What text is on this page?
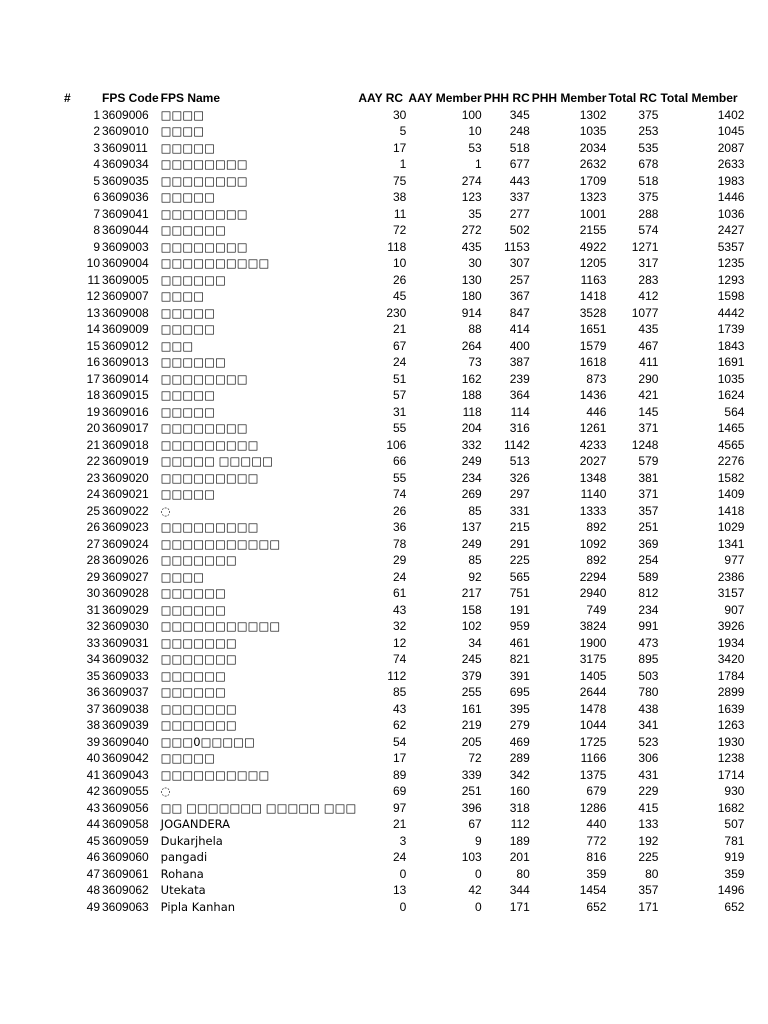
#	FPS Code	FPS Name	AAY RC	AAY Member	PHH RC	PHH Member	Total RC	Total Member
1	3609006	□□□□	30	100	345	1302	375	1402
2	3609010	□□□□	5	10	248	1035	253	1045
3	3609011	□□□□□	17	53	518	2034	535	2087
4	3609034	□□□□□□□□	1	1	677	2632	678	2633
5	3609035	□□□□□□□□	75	274	443	1709	518	1983
6	3609036	□□□□□	38	123	337	1323	375	1446
7	3609041	□□□□□□□□	11	35	277	1001	288	1036
8	3609044	□□□□□□	72	272	502	2155	574	2427
9	3609003	□□□□□□□□	118	435	1153	4922	1271	5357
10	3609004	□□□□□□□□□□	10	30	307	1205	317	1235
11	3609005	□□□□□□	26	130	257	1163	283	1293
12	3609007	□□□□	45	180	367	1418	412	1598
13	3609008	□□□□□	230	914	847	3528	1077	4442
14	3609009	□□□□□	21	88	414	1651	435	1739
15	3609012	□□□	67	264	400	1579	467	1843
16	3609013	□□□□□□	24	73	387	1618	411	1691
17	3609014	□□□□□□□□	51	162	239	873	290	1035
18	3609015	□□□□□	57	188	364	1436	421	1624
19	3609016	□□□□□	31	118	114	446	145	564
20	3609017	□□□□□□□□	55	204	316	1261	371	1465
21	3609018	□□□□□□□□□	106	332	1142	4233	1248	4565
22	3609019	□□□□□ □□□□□	66	249	513	2027	579	2276
23	3609020	□□□□□□□□□	55	234	326	1348	381	1582
24	3609021	□□□□□	74	269	297	1140	371	1409
25	3609022	◌	26	85	331	1333	357	1418
26	3609023	□□□□□□□□□	36	137	215	892	251	1029
27	3609024	□□□□□□□□□□□	78	249	291	1092	369	1341
28	3609026	□□□□□□□	29	85	225	892	254	977
29	3609027	□□□□	24	92	565	2294	589	2386
30	3609028	□□□□□□	61	217	751	2940	812	3157
31	3609029	□□□□□□	43	158	191	749	234	907
32	3609030	□□□□□□□□□□□	32	102	959	3824	991	3926
33	3609031	□□□□□□□	12	34	461	1900	473	1934
34	3609032	□□□□□□□	74	245	821	3175	895	3420
35	3609033	□□□□□□	112	379	391	1405	503	1784
36	3609037	□□□□□□	85	255	695	2644	780	2899
37	3609038	□□□□□□□	43	161	395	1478	438	1639
38	3609039	□□□□□□□	62	219	279	1044	341	1263
39	3609040	□□□0□□□□□	54	205	469	1725	523	1930
40	3609042	□□□□□	17	72	289	1166	306	1238
41	3609043	□□□□□□□□□□	89	339	342	1375	431	1714
42	3609055	◌	69	251	160	679	229	930
43	3609056	□□ □□□□□□□ □□□□□ □□□	97	396	318	1286	415	1682
44	3609058	JOGANDERA	21	67	112	440	133	507
45	3609059	Dukarjhela	3	9	189	772	192	781
46	3609060	pangadi	24	103	201	816	225	919
47	3609061	Rohana	0	0	80	359	80	359
48	3609062	Utekata	13	42	344	1454	357	1496
49	3609063	Pipla Kanhan	0	0	171	652	171	652
